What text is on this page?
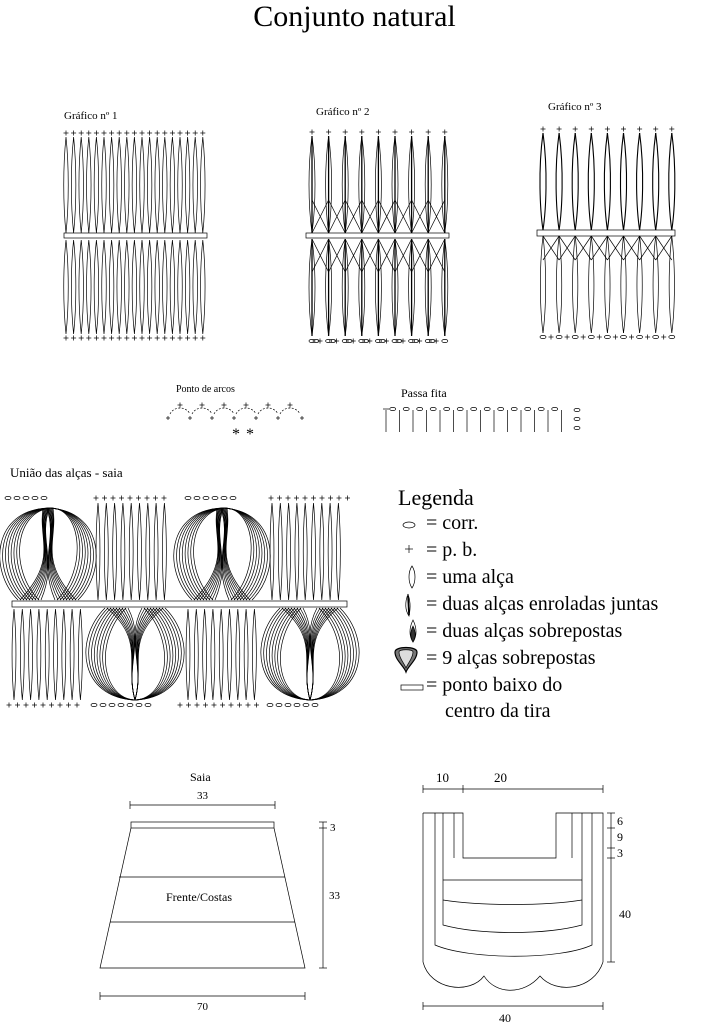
Conjunto natural
Gráfico nº 1	Gráfico nº 2	Gráfico nº 3
Ponto de arcos	Passa fita
* *
União das alças - saia
Legenda
= corr.
= p. b.
= uma alça
= duas alças enroladas juntas
= duas alças sobrepostas
= 9 alças sobrepostas
= ponto baixo do
centro da tira
Saia
33
3
33
Frente/Costas
70
10	20
6
9
3
40
40
